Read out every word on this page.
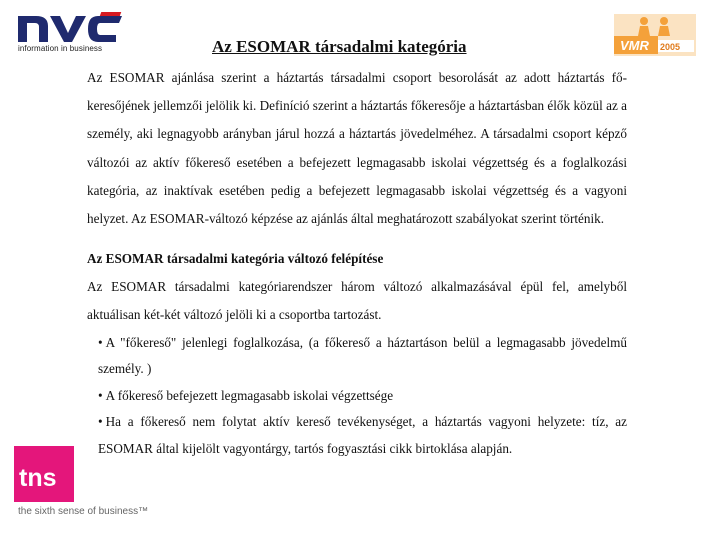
information in business	VMR 2005
Az ESOMAR társadalmi kategória

Az ESOMAR ajánlása szerint a háztartás társadalmi csoport besorolását az adott háztartás fő-keresőjének jellemzői jelölik ki. Definíció szerint a háztartás főkeresője a háztartásban élők közül az a személy, aki legnagyobb arányban járul hozzá a háztartás jövedelméhez. A társadalmi csoport képző változói az aktív főkereső esetében a befejezett legmagasabb iskolai végzettség és a foglalkozási kategória, az inaktívak esetében pedig a befejezett legmagasabb iskolai végzettség és a vagyoni helyzet. Az ESOMAR-változó képzése az ajánlás által meghatározott szabályokat szerint történik.

Az ESOMAR társadalmi kategória változó felépítése

Az ESOMAR társadalmi kategóriarendszer három változó alkalmazásával épül fel, amelyből aktuálisan két-két változó jelöli ki a csoportba tartozást.

• A "főkereső" jelenlegi foglalkozása, (a főkereső a háztartáson belül a legmagasabb jövedelmű személy. )
• A főkereső befejezett legmagasabb iskolai végzettsége
• Ha a főkereső nem folytat aktív kereső tevékenységet, a háztartás vagyoni helyzete: tíz, az ESOMAR által kijelölt vagyontárgy, tartós fogyasztási cikk birtoklása alapján.
tns
the sixth sense of business™
